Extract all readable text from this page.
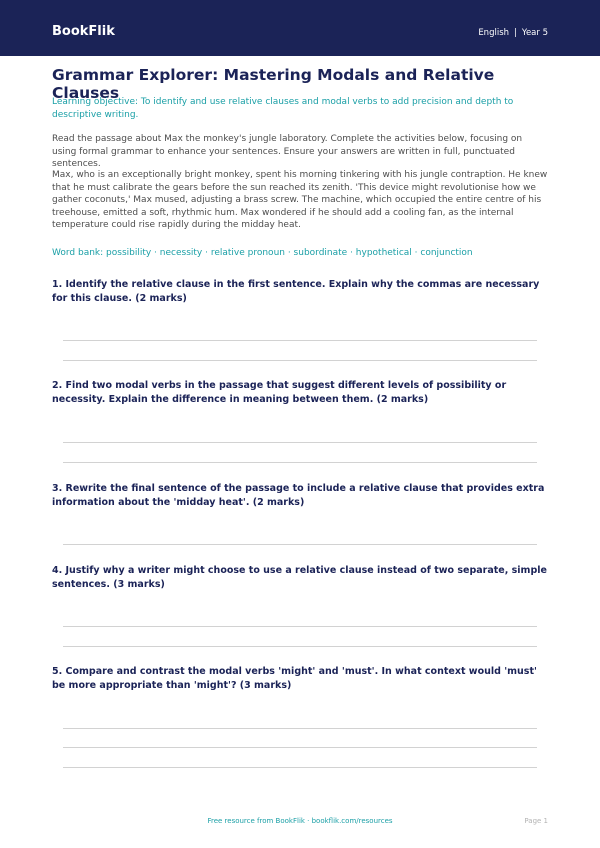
BookFlik	English | Year 5
Grammar Explorer: Mastering Modals and Relative Clauses

Learning objective: To identify and use relative clauses and modal verbs to add precision and depth to descriptive writing.

Read the passage about Max the monkey's jungle laboratory. Complete the activities below, focusing on using formal grammar to enhance your sentences. Ensure your answers are written in full, punctuated sentences.

Max, who is an exceptionally bright monkey, spent his morning tinkering with his jungle contraption. He knew that he must calibrate the gears before the sun reached its zenith. 'This device might revolutionise how we gather coconuts,' Max mused, adjusting a brass screw. The machine, which occupied the entire centre of his treehouse, emitted a soft, rhythmic hum. Max wondered if he should add a cooling fan, as the internal temperature could rise rapidly during the midday heat.

Word bank: possibility · necessity · relative pronoun · subordinate · hypothetical · conjunction

1. Identify the relative clause in the first sentence. Explain why the commas are necessary for this clause. (2 marks)

2. Find two modal verbs in the passage that suggest different levels of possibility or necessity. Explain the difference in meaning between them. (2 marks)

3. Rewrite the final sentence of the passage to include a relative clause that provides extra information about the 'midday heat'. (2 marks)

4. Justify why a writer might choose to use a relative clause instead of two separate, simple sentences. (3 marks)

5. Compare and contrast the modal verbs 'might' and 'must'. In what context would 'must' be more appropriate than 'might'? (3 marks)

Free resource from BookFlik · bookflik.com/resources	Page 1
